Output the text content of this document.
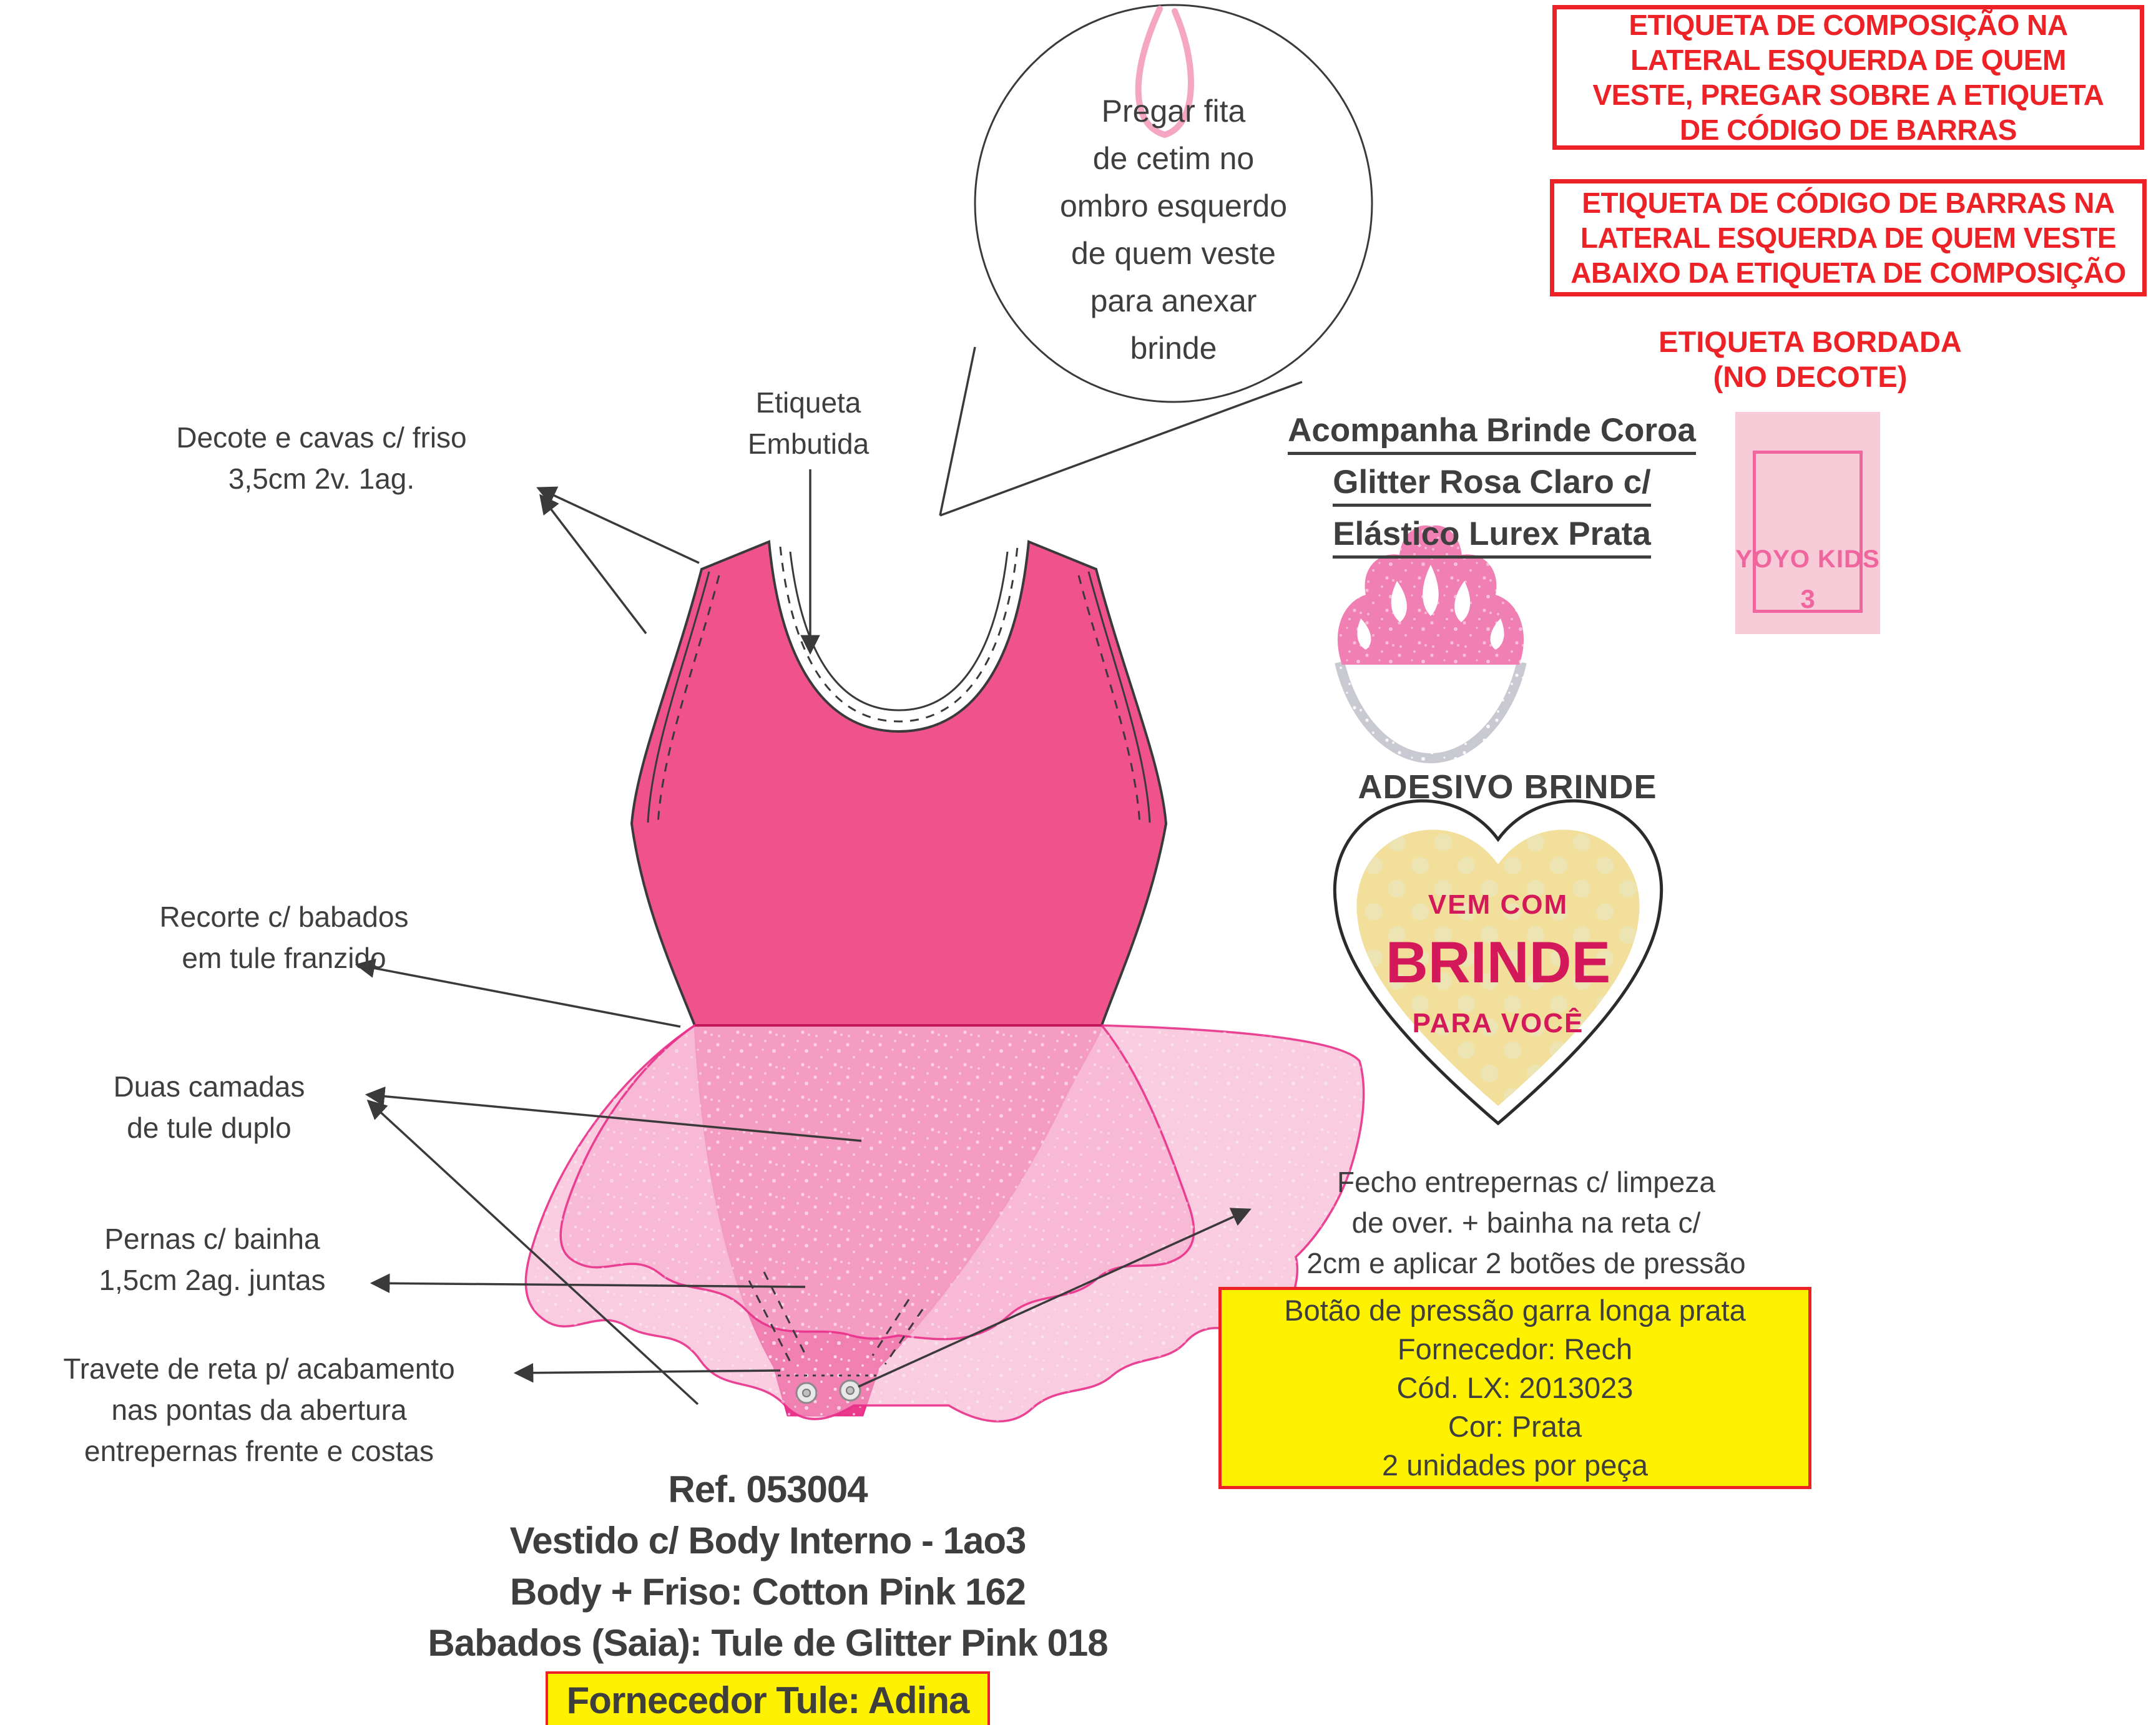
Pregar fita
de cetim no
ombro esquerdo
de quem veste
para anexar
brinde
Decote e cavas c/ friso
3,5cm 2v. 1ag.
Etiqueta
Embutida
Recorte c/ babados
em tule franzido
Duas camadas
de tule duplo
Pernas c/ bainha
1,5cm 2ag. juntas
Travete de reta p/ acabamento
nas pontas da abertura
entrepernas frente e costas
Fecho entrepernas c/ limpeza
de over. + bainha na reta c/
2cm e aplicar 2 botões de pressão
ETIQUETA DE COMPOSIÇÃO NA
LATERAL ESQUERDA DE QUEM
VESTE, PREGAR SOBRE A ETIQUETA
DE CÓDIGO DE BARRAS
ETIQUETA DE CÓDIGO DE BARRAS NA
LATERAL ESQUERDA DE QUEM VESTE
ABAIXO DA ETIQUETA DE COMPOSIÇÃO
ETIQUETA BORDADA
(NO DECOTE)
YOYO KIDS
3
Acompanha Brinde Coroa
Glitter Rosa Claro c/
Elástico Lurex Prata
ADESIVO BRINDE
VEM COM
BRINDE
PARA VOCÊ
Botão de pressão garra longa prata
Fornecedor: Rech
Cód. LX: 2013023
Cor: Prata
2 unidades por peça
Ref. 053004
Vestido c/ Body Interno - 1ao3
Body + Friso: Cotton Pink 162
Babados (Saia): Tule de Glitter Pink 018
Fornecedor Tule: Adina
